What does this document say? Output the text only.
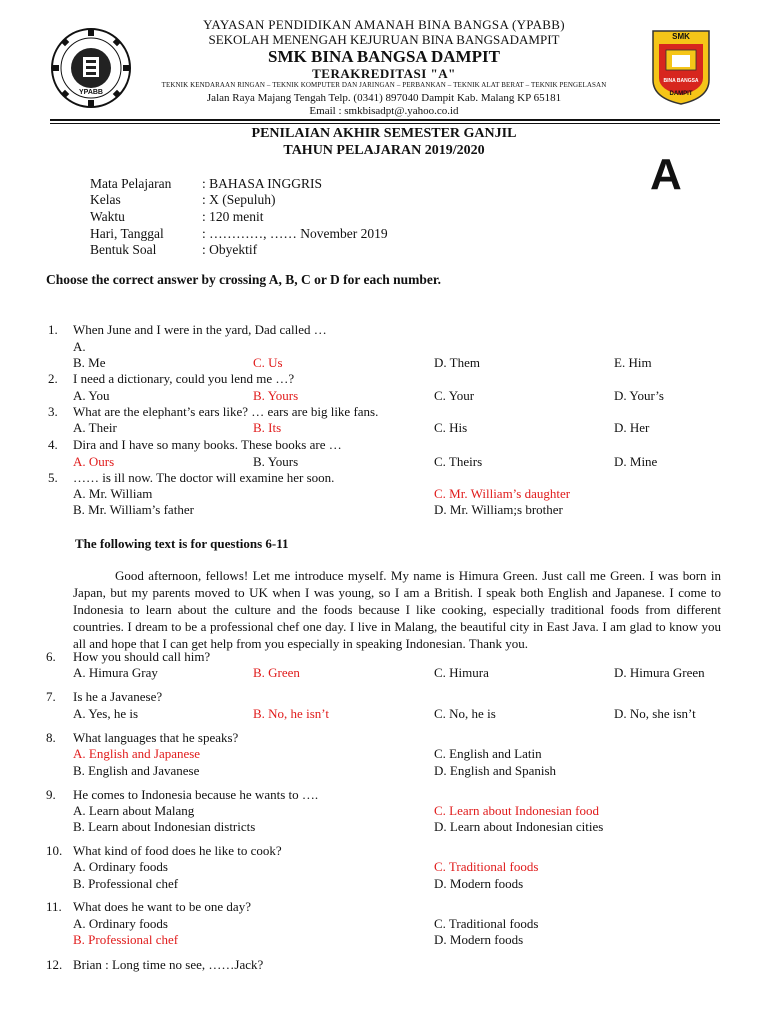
YPABB
SMK
BINA BANGSA
DAMPIT
YAYASAN PENDIDIKAN AMANAH BINA BANGSA (YPABB)
SEKOLAH MENENGAH KEJURUAN BINA BANGSADAMPIT
SMK BINA BANGSA DAMPIT
TERAKREDITASI "A"
TEKNIK KENDARAAN RINGAN – TEKNIK KOMPUTER DAN JARINGAN – PERBANKAN – TEKNIK ALAT BERAT – TEKNIK PENGELASAN
Jalan Raya Majang Tengah Telp. (0341) 897040 Dampit Kab. Malang KP 65181
Email : smkbisadpt@.yahoo.co.id
PENILAIAN AKHIR SEMESTER GANJIL
TAHUN PELAJARAN 2019/2020	A
Mata Pelajaran : BAHASA INGGRIS
Kelas	: X (Sepuluh)
Waktu	: 120 menit
Hari, Tanggal	: …………, …… November 2019
Bentuk Soal	: Obyektif
Choose the correct answer by crossing A, B, C or D for each number.
1. When June and I were in the yard, Dad called …
A.
B. Me	C. Us	D. Them	E. Him
2. I need a dictionary, could you lend me …?
A. You	B. Yours	C. Your	D. Your’s
3. What are the elephant’s ears like? … ears are big like fans.
A. Their	B. Its	C. His	D. Her
4. Dira and I have so many books. These books are …
A. Ours	B. Yours	C. Theirs	D. Mine
5. …… is ill now. The doctor will examine her soon.
A. Mr. William	C. Mr. William’s daughter
B. Mr. William’s father	D. Mr. William;s brother
The following text is for questions 6-11
Good afternoon, fellows! Let me introduce myself. My name is Himura Green. Just call me Green. I was born in Japan, but my parents moved to UK when I was young, so I am a British. I speak both English and Japanese. I come to Indonesia to learn about the culture and the foods because I like cooking, especially traditional foods from different countries. I dream to be a professional chef one day. I live in Malang, the beautiful city in East Java. I am glad to know you all and hope that I can get help from you especially in speaking Indonesian. Thank you.
6. How you should call him?
A. Himura Gray	B. Green	C. Himura	D. Himura Green
7. Is he a Javanese?
A. Yes, he is	B. No, he isn’t	C. No, he is	D. No, she isn’t
8. What languages that he speaks?
A. English and Japanese	C. English and Latin
B. English and Javanese	D. English and Spanish
9. He comes to Indonesia because he wants to ….
A. Learn about Malang	C. Learn about Indonesian food
B. Learn about Indonesian districts	D. Learn about Indonesian cities
10. What kind of food does he like to cook?
A. Ordinary foods	C. Traditional foods
B. Professional chef	D. Modern foods
11. What does he want to be one day?
A. Ordinary foods	C. Traditional foods
B. Professional chef	D. Modern foods
12. Brian : Long time no see, ……Jack?
